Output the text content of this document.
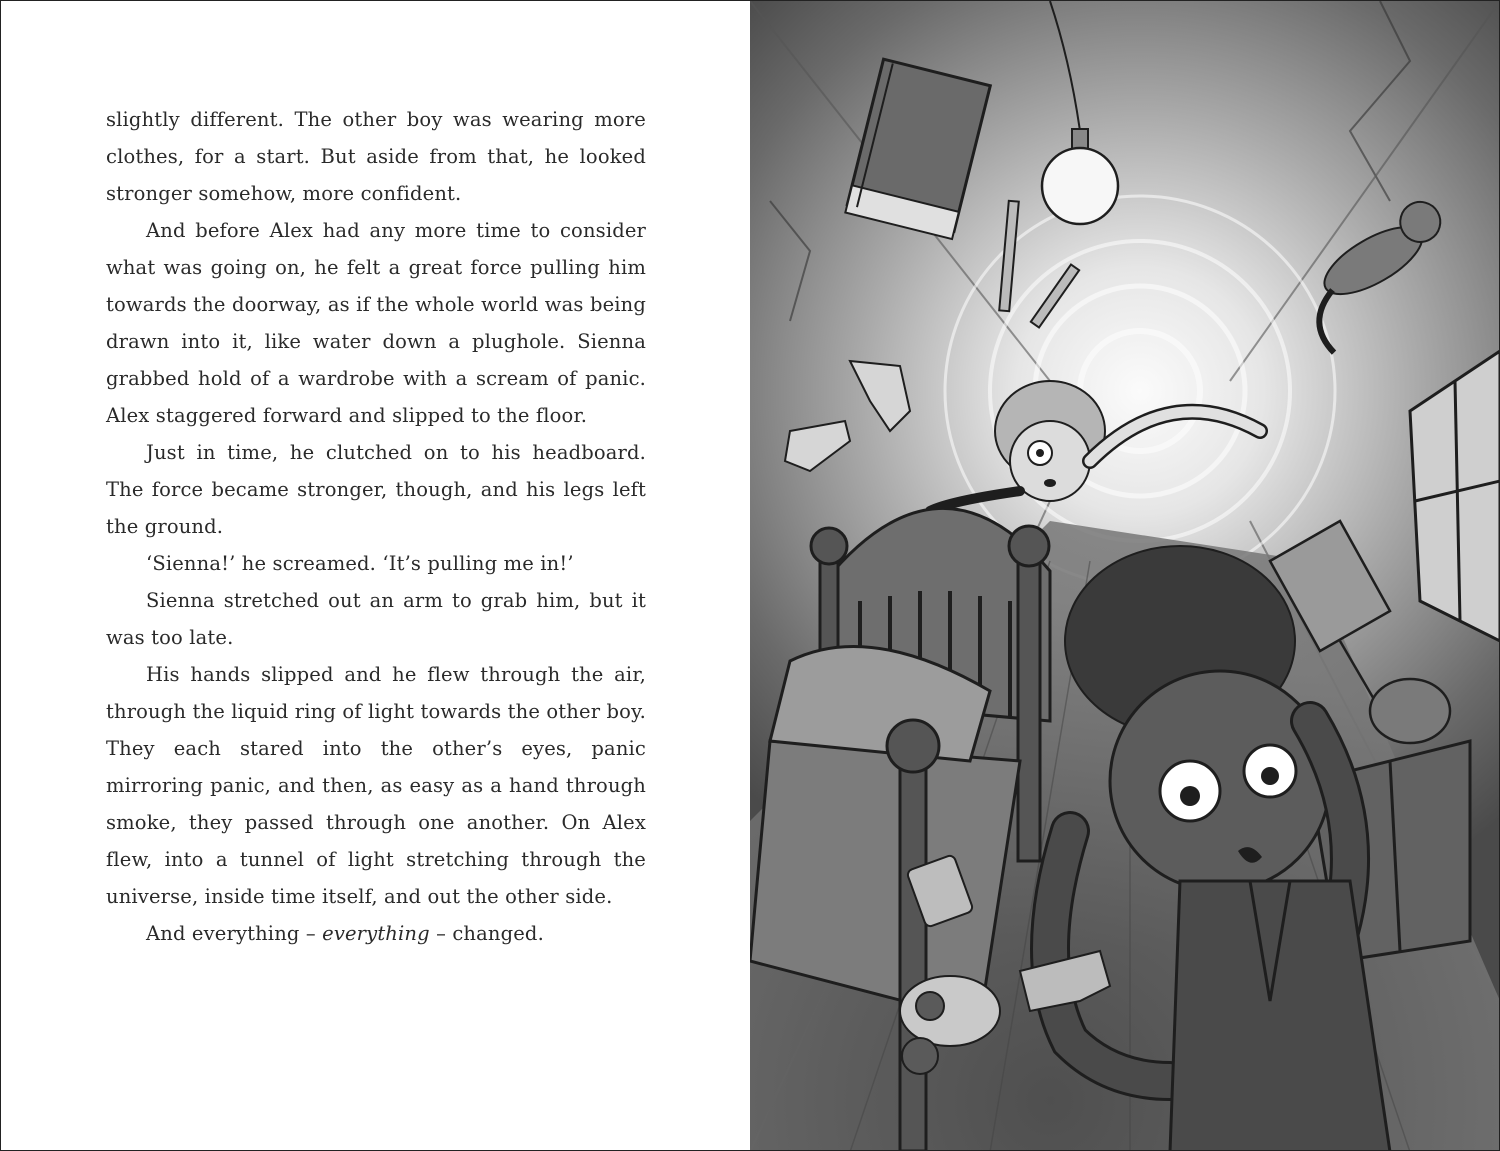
slightly different. The other boy was wearing more clothes, for a start. But aside from that, he looked stronger somehow, more confident.

And before Alex had any more time to consider what was going on, he felt a great force pulling him towards the doorway, as if the whole world was being drawn into it, like water down a plughole. Sienna grabbed hold of a wardrobe with a scream of panic. Alex staggered forward and slipped to the floor.

Just in time, he clutched on to his headboard. The force became stronger, though, and his legs left the ground.

‘Sienna!’ he screamed. ‘It’s pulling me in!’

Sienna stretched out an arm to grab him, but it was too late.

His hands slipped and he flew through the air, through the liquid ring of light towards the other boy. They each stared into the other’s eyes, panic mirroring panic, and then, as easy as a hand through smoke, they passed through one another. On Alex flew, into a tunnel of light stretching through the universe, inside time itself, and out the other side.

And everything – everything – changed.
